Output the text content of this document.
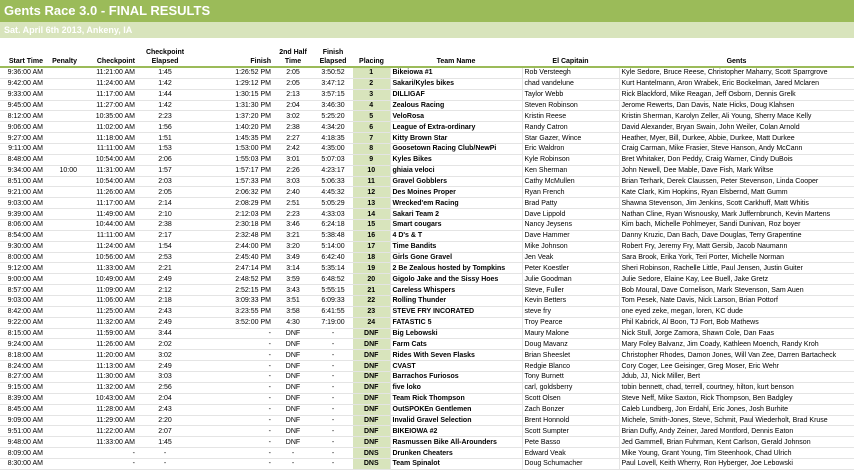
Gents Race 3.0 - FINAL RESULTS
Sat. April 6th 2013, Ankeny, IA
Start Time	Penalty	Checkpoint	Checkpoint Elapsed	Finish	2nd Half Time	Finish Elapsed	Placing	Team Name	El Capitain	Gents
9:36:00 AM		11:21:00 AM	1:45	1:26:52 PM	2:05	3:50:52	1	Bikeiowa #1	Rob Versteegh	Kyle Sedore, Bruce Reese, Christopher Maharry, Scott Sparrgrove
9:42:00 AM		11:24:00 AM	1:42	1:29:12 PM	2:05	3:47:12	2	Sakari/Kyles bikes	chad vandelune	Kurt Hantelmann, Aron Wrabek, Eric Bockelman, Jared Mclaren
9:33:00 AM		11:17:00 AM	1:44	1:30:15 PM	2:13	3:57:15	3	DILLIGAF	Taylor Webb	Rick Blackford, Mike Reagan, Jeff Osborn, Dennis Grelk
9:45:00 AM		11:27:00 AM	1:42	1:31:30 PM	2:04	3:46:30	4	Zealous Racing	Steven Robinson	Jerome Rewerts, Dan Davis, Nate Hicks, Doug Klahsen
8:12:00 AM		10:35:00 AM	2:23	1:37:20 PM	3:02	5:25:20	5	VeloRosa	Kristin Reese	Kristin Sherman, Karolyn Zeller, Ali Young, Sherry Mace Kelly
9:06:00 AM		11:02:00 AM	1:56	1:40:20 PM	2:38	4:34:20	6	League of Extra-ordinary	Randy Catron	David Alexander, Bryan Swain, John Weiler, Colan Arnold
9:27:00 AM		11:18:00 AM	1:51	1:45:35 PM	2:27	4:18:35	7	Kitty Brown Star	Star Gazer, Wince	Heather, Myer, Bill, Durkee, Abbie, Durkee, Matt Durkee
9:11:00 AM		11:11:00 AM	1:53	1:53:00 PM	2:42	4:35:00	8	Goosetown Racing Club/NewPi	Eric Waldron	Craig Carman, Mike Frasier, Steve Hanson, Andy McCann
8:48:00 AM		10:54:00 AM	2:06	1:55:03 PM	3:01	5:07:03	9	Kyles Bikes	Kyle Robinson	Bret Whitaker, Don Peddy, Craig Warner, Cindy DuBois
9:34:00 AM	10:00	11:31:00 AM	1:57	1:57:17 PM	2:26	4:23:17	10	ghiaia veloci	Ken Sherman	John Newell, Dee Mable, Dave Fish, Mark Wiltse
8:51:00 AM		10:54:00 AM	2:03	1:57:33 PM	3:03	5:06:33	11	Gravel Gobblers	Cathy McMullen	Brian Terhark, Derek Claussen, Peter Stevenson, Linda Cooper
9:21:00 AM		11:26:00 AM	2:05	2:06:32 PM	2:40	4:45:32	12	Des Moines Proper	Ryan French	Kate Clark, Kim Hopkins, Ryan Elsbernd, Matt Gumm
9:03:00 AM		11:17:00 AM	2:14	2:08:29 PM	2:51	5:05:29	13	Wrecked'em Racing	Brad Patty	Shawna Stevenson, Jim Jenkins, Scott Carkhuff, Matt Whitis
9:39:00 AM		11:49:00 AM	2:10	2:12:03 PM	2:23	4:33:03	14	Sakari Team 2	Dave Lippold	Nathan Cline, Ryan Wisnousky, Mark Juffernbrunch, Kevin Martens
8:06:00 AM		10:44:00 AM	2:38	2:30:18 PM	3:46	6:24:18	15	Smart cougars	Nancy Jeysens	Kim bach, Michelle Pohlmeyer, Sandi Dunivan, Roz boyer
8:54:00 AM		11:11:00 AM	2:17	2:32:48 PM	3:21	5:38:48	16	4 D's & T	Dave Hammer	Danny Kruzic, Dan Bach, Dave Douglas, Terry Grapentine
9:30:00 AM		11:24:00 AM	1:54	2:44:00 PM	3:20	5:14:00	17	Time Bandits	Mike Johnson	Robert Fry, Jeremy Fry, Matt Gersib, Jacob Naumann
8:00:00 AM		10:56:00 AM	2:53	2:45:40 PM	3:49	6:42:40	18	Girls Gone Gravel	Jen Veak	Sara Brook, Erika York, Teri Porter, Michelle Norman
9:12:00 AM		11:33:00 AM	2:21	2:47:14 PM	3:14	5:35:14	19	2 Be Zealous hosted by Tompkins	Peter Koestler	Sheri Robinson, Rachelle Little, Paul Jensen, Justin Guiter
9:00:00 AM		10:49:00 AM	2:49	2:48:52 PM	3:59	6:48:52	20	Gigolo Jake and the Sissy Hoes	Julie Goodman	Julie Sedore, Elaine Kay, Lee Buell, Jake Gretz
8:57:00 AM		11:09:00 AM	2:12	2:52:15 PM	3:43	5:55:15	21	Careless Whispers	Steve, Fuller	Bob Moural, Dave Cornelison, Mark Stevenson, Sam Auen
9:03:00 AM		11:06:00 AM	2:18	3:09:33 PM	3:51	6:09:33	22	Rolling Thunder	Kevin Betters	Tom Pesek, Nate Davis, Nick Larson, Brian Pottorf
8:42:00 AM		11:25:00 AM	2:43	3:23:55 PM	3:58	6:41:55	23	STEVE FRY INCORATED	steve fry	one eyed zeke, megan, loren, KC dude
9:22:00 AM		11:32:00 AM	2:49	3:52:00 PM	4:30	7:19:00	24	FATASTIC 5	Troy Pearce	Phil Kabrick, Al Boon, TJ Fort, Bob Mathews
8:15:00 AM		11:59:00 AM	3:44	-	DNF	-	DNF	Big Lebowski	Maury Malone	Nick Stull, Jorge Zamora, Shawn Cole, Dan Faas
9:24:00 AM		11:26:00 AM	2:02	-	DNF	-	DNF	Farm Cats	Doug Mavanz	Mary Foley Balvanz, Jim Coady, Kathleen Moench, Randy Kroh
8:18:00 AM		11:20:00 AM	3:02	-	DNF	-	DNF	Rides With Seven Flasks	Brian Sheeslet	Christopher Rhodes, Damon Jones, Will Van Zee, Darren Bartacheck
8:24:00 AM		11:13:00 AM	2:49	-	DNF	-	DNF	CVAST	Redgie Blanco	Cory Coger, Lee Geisinger, Greg Moser, Eric Wehr
8:27:00 AM		11:30:00 AM	3:03	-	DNF	-	DNF	Barrachos Furiosos	Tony Burnett	Jdub, JJ, Nick Miller, Bert
9:15:00 AM		11:32:00 AM	2:56	-	DNF	-	DNF	five loko	carl, goldsberry	tobin bennett, chad, terrell, courtney, hilton, kurt benson
8:39:00 AM		10:43:00 AM	2:04	-	DNF	-	DNF	Team Rick Thompson	Scott Olsen	Steve Neff, Mike Saxton, Rick Thompson, Ben Badgley
8:45:00 AM		11:28:00 AM	2:43	-	DNF	-	DNF	OutSPOKEn Gentlemen	Zach Bonzer	Caleb Lundberg, Jon Erdahl, Eric Jones, Josh Burhite
9:09:00 AM		11:29:00 AM	2:20	-	DNF	-	DNF	Invalid Gravel Selection	Brent Honnold	Michele, Smith-Jones, Steve, Schmit, Paul Wiederholt, Brad Kruse
9:51:00 AM		11:22:00 AM	2:07	-	DNF	-	DNF	BIKEIOWA #2	Scott Sumpter	Brian Duffy, Andy Zeiner, Jared Montford, Dennis Eaton
9:48:00 AM		11:33:00 AM	1:45	-	DNF	-	DNF	Rasmussen Bike All-Arounders	Pete Basso	Jed Gammell, Brian Fuhrman, Kent Carlson, Gerald Johnson
8:09:00 AM		-	-	-	-	-	DNS	Drunken Cheaters	Edward Veak	Mike Young, Grant Young, Tim Steenhook, Chad Ulrich
8:30:00 AM		-	-	-	-	-	DNS	Team Spinalot	Doug Schumacher	Paul Lovell, Keith Wherry, Ron Hyberger, Joe Lebowski
